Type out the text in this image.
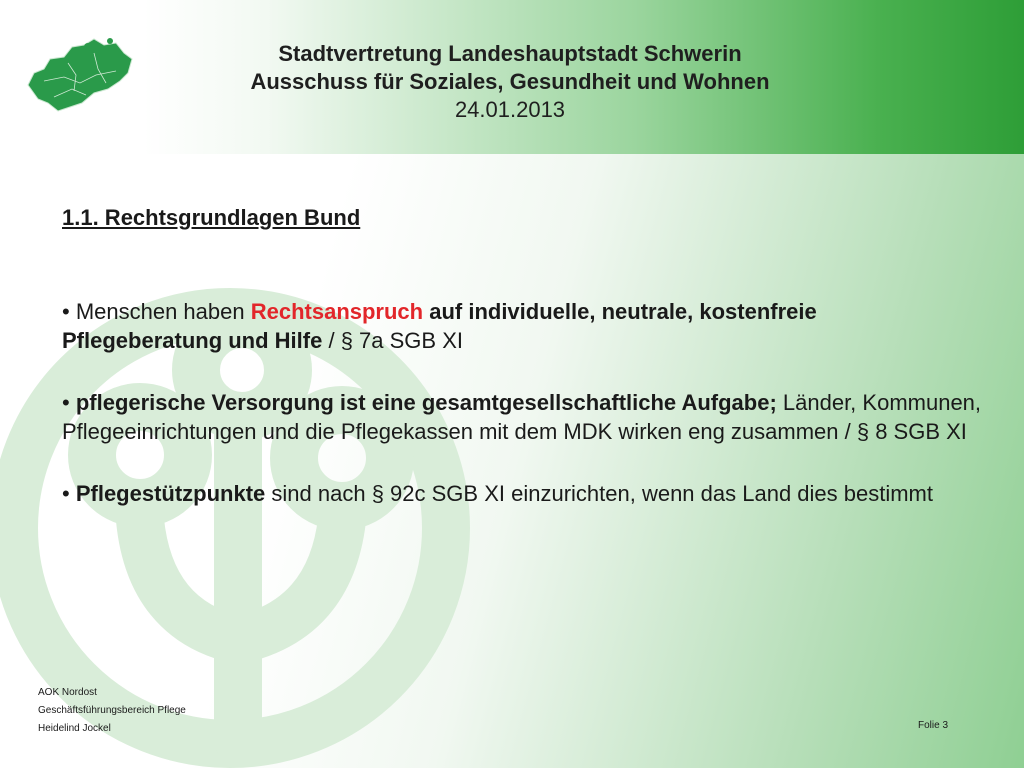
Stadtvertretung Landeshauptstadt Schwerin
Ausschuss für Soziales, Gesundheit und Wohnen
24.01.2013
1.1. Rechtsgrundlagen Bund

• Menschen haben Rechtsanspruch auf individuelle, neutrale, kostenfreie Pflegeberatung und Hilfe / § 7a SGB XI

• pflegerische Versorgung ist eine gesamtgesellschaftliche Aufgabe; Länder, Kommunen, Pflegeeinrichtungen und die Pflegekassen mit dem MDK wirken eng zusammen / § 8 SGB XI

• Pflegestützpunkte sind nach § 92c SGB XI einzurichten, wenn das Land dies bestimmt

AOK Nordost
Geschäftsführungsbereich Pflege
Heidelind Jockel	Folie 3
